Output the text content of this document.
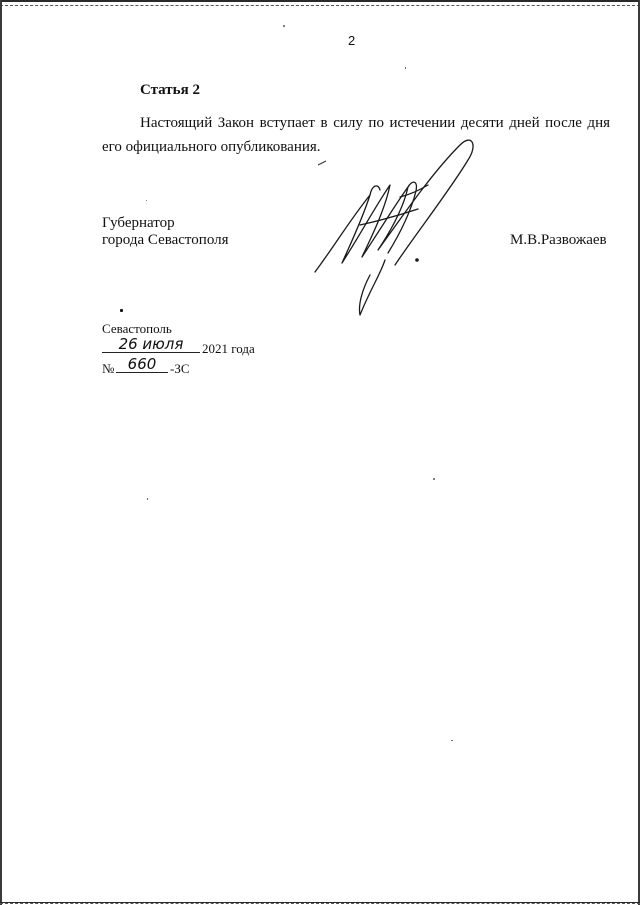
2
Статья 2
Настоящий Закон вступает в силу по истечении десяти дней после дня его официального опубликования.
Губернатор
города Севастополя	М.В.Развожаев
Севастополь
26 июля	2021 года
№ 660	-ЗС
